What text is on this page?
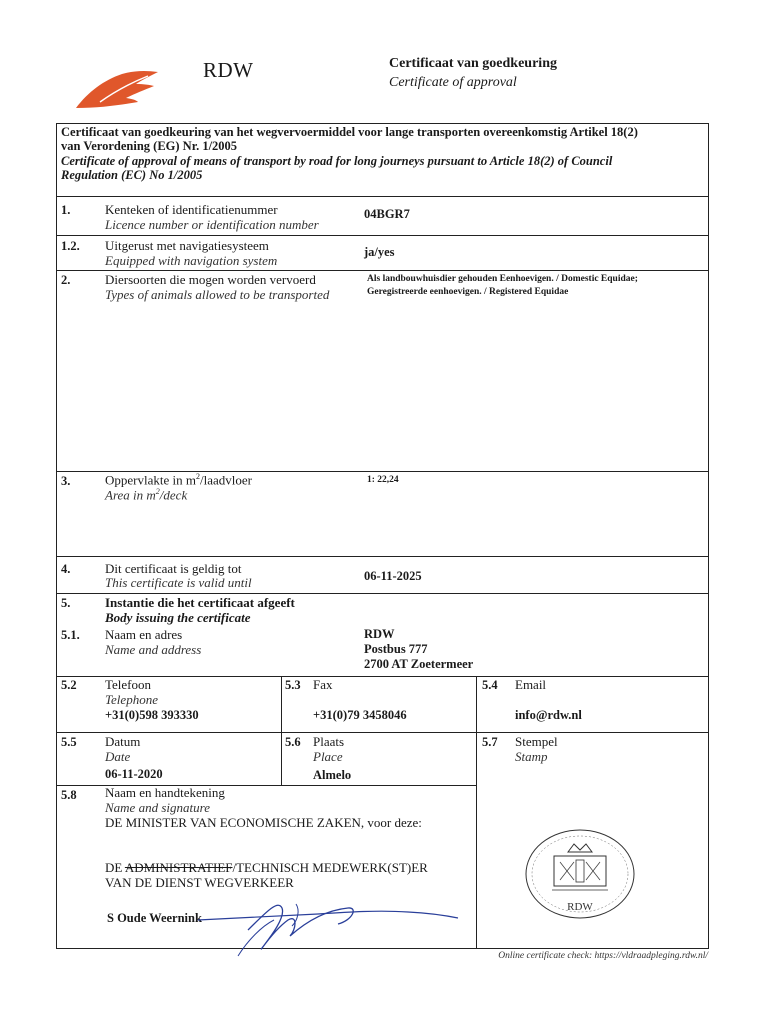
RDW	Certificaat van goedkeuring
Certificate of approval
Certificaat van goedkeuring van het wegvervoermiddel voor lange transporten overeenkomstig Artikel 18(2)
van Verordening (EG) Nr. 1/2005
Certificate of approval of means of transport by road for long journeys pursuant to Article 18(2) of Council
Regulation (EC) No 1/2005
1.	Kenteken of identificatienummer
Licence number or identification number
04BGR7
1.2. Uitgerust met navigatiesysteem
Equipped with navigation system
ja/yes
2.	Diersoorten die mogen worden vervoerd
Types of animals allowed to be transported
Als landbouwhuisdier gehouden Eenhoevigen. / Domestic Equidae;
Geregistreerde eenhoevigen. / Registered Equidae
3.	Oppervlakte in $m^2$/laadvloer
Area in $m^2$/deck
1: 22,24
4.	Dit certificaat is geldig tot
This certificate is valid until	06-11-2025
5.	Instantie die het certificaat afgeeft
Body issuing the certificate
5.1. Naam en adres
Name and address
RDW
Postbus 777
2700 AT Zoetermeer
5.2 Telefoon
Telephone
+31(0)598 393330
5.3 Fax
+31(0)79 3458046
5.4 Email
info@rdw.nl
5.5 Datum
Date
06-11-2020
5.6 Plaats
Place
Almelo
5.7 Stempel
Stamp
5.8 Naam en handtekening
Name and signature
DE MINISTER VAN ECONOMISCHE ZAKEN, voor deze:
DE ADMINISTRATIEF/TECHNISCH MEDEWERK(ST)ER
VAN DE DIENST WEGVERKEER
S Oude Weernink
RDW
Online certificate check: https://vldraadpleging.rdw.nl/
